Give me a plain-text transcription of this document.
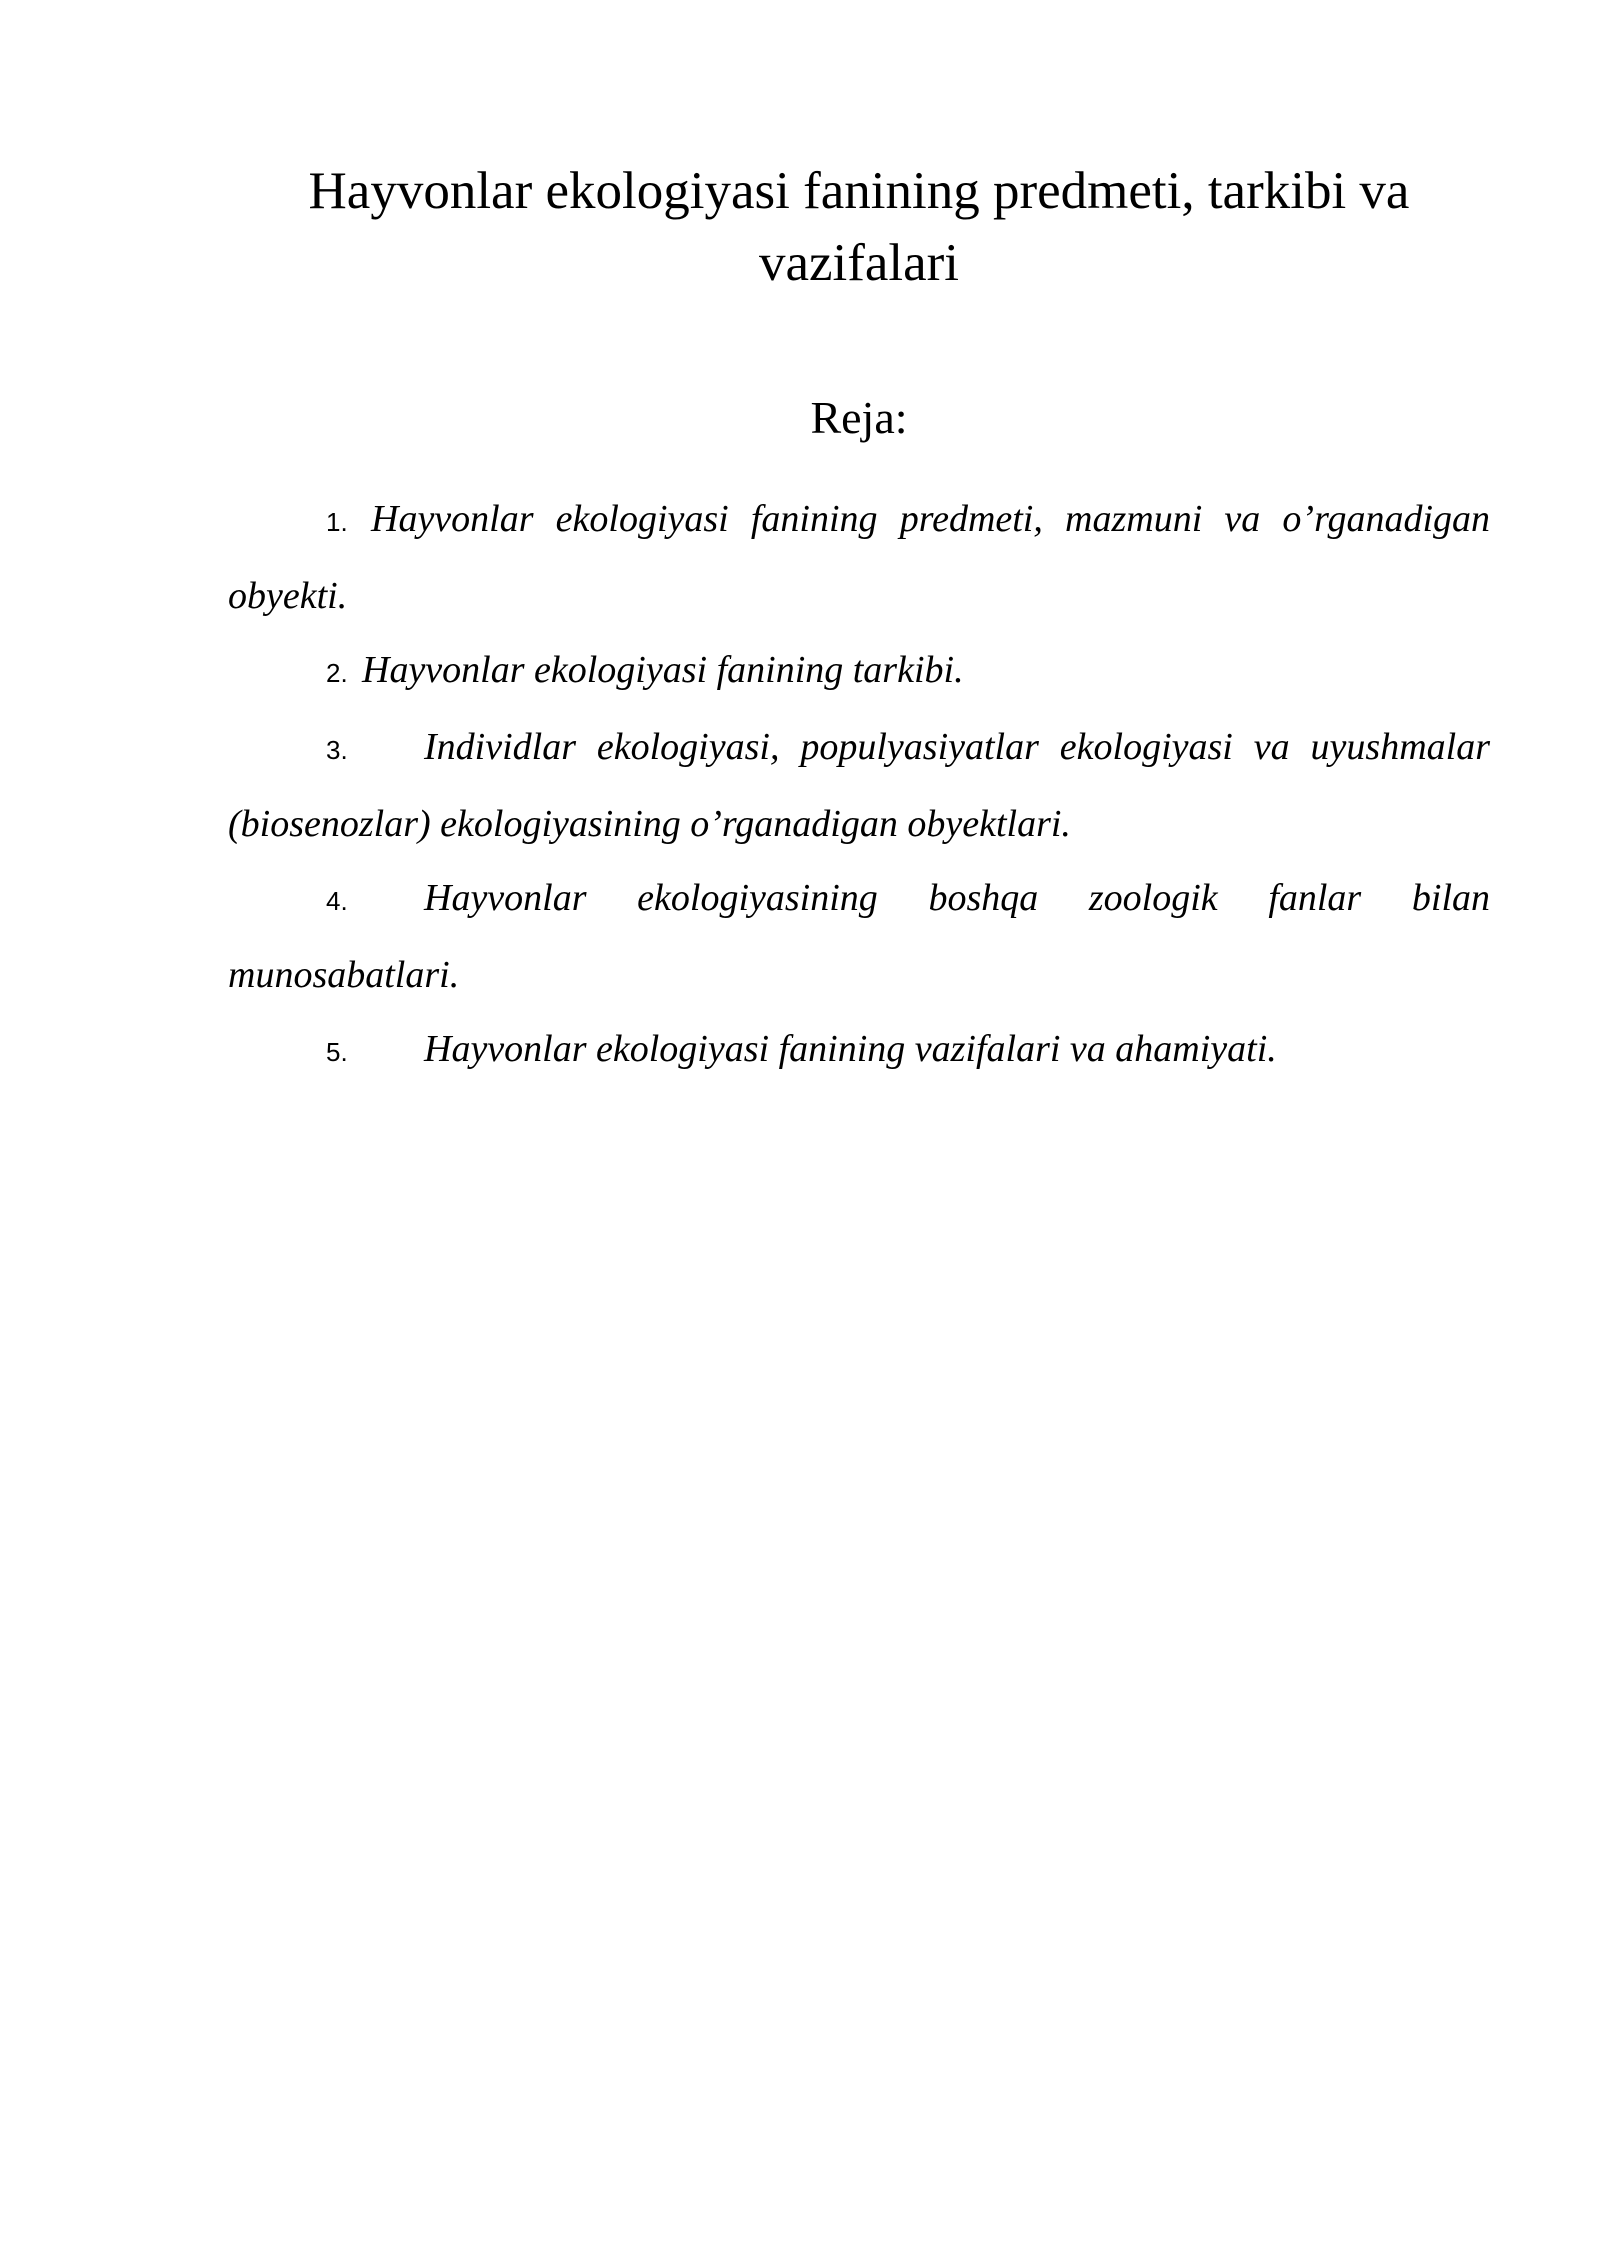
Hayvonlar ekologiyasi fanining predmeti, tarkibi va vazifalari
Reja:
1. Hayvonlar ekologiyasi fanining predmeti, mazmuni va o’rganadigan obyekti.
2. Hayvonlar ekologiyasi fanining tarkibi.
3. Individlar ekologiyasi, populyasiyatlar ekologiyasi va uyushmalar (biosenozlar) ekologiyasining o’rganadigan obyektlari.
4. Hayvonlar ekologiyasining boshqa zoologik fanlar bilan munosabatlari.
5. Hayvonlar ekologiyasi fanining vazifalari va ahamiyati.
